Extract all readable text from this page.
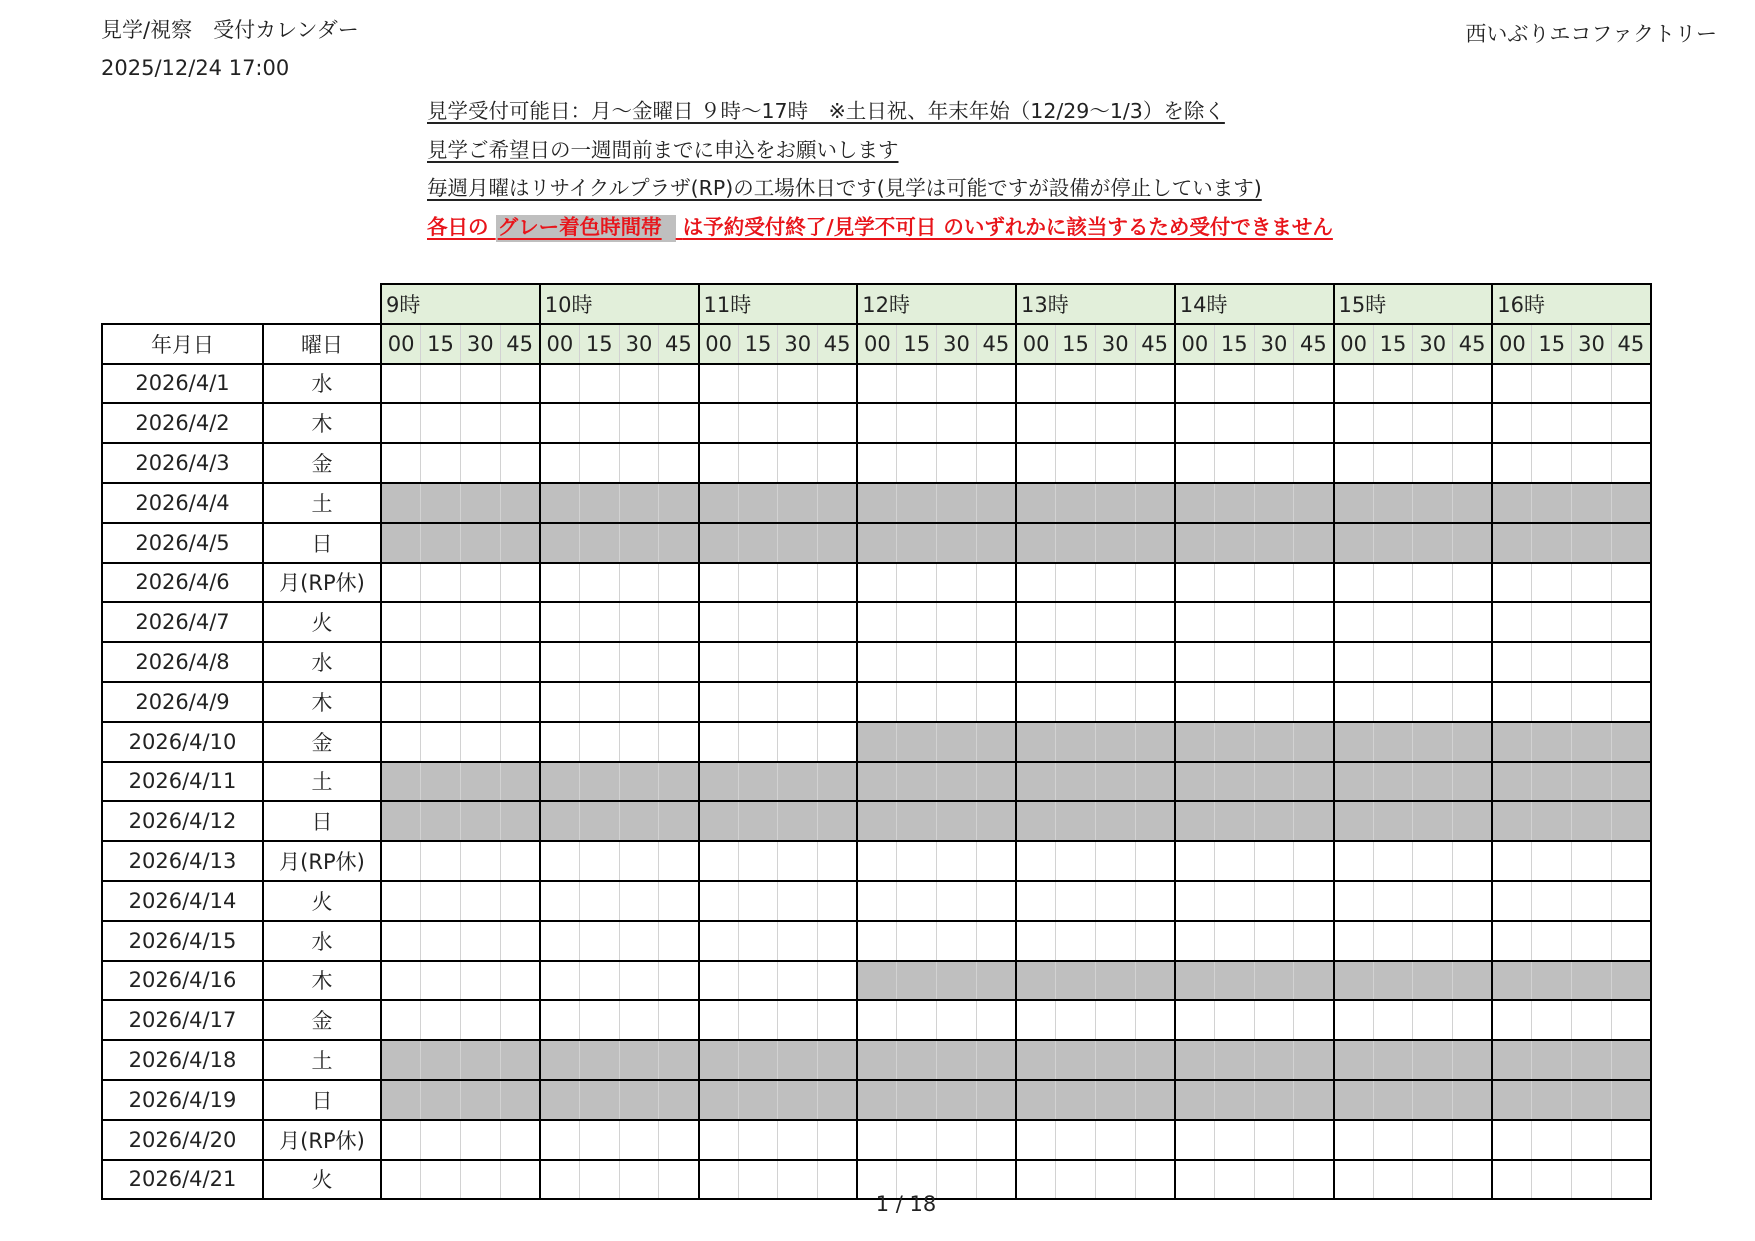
見学/視察　受付カレンダー
2025/12/24 17:00
西いぶりエコファクトリー
見学受付可能日：月～金曜日 ９時～17時　※土日祝、年末年始（12/29～1/3）を除く
見学ご希望日の一週間前までに申込をお願いします
毎週月曜はリサイクルプラザ(RP)の工場休日です(見学は可能ですが設備が停止しています)
各日の グレー着色時間帯 は予約受付終了/見学不可日 のいずれかに該当するため受付できません
		9時				10時				11時				12時				13時				14時				15時				16時			
年月日	曜日	00	15	30	45	00	15	30	45	00	15	30	45	00	15	30	45	00	15	30	45	00	15	30	45	00	15	30	45	00	15	30	45
2026/4/1	水																																
2026/4/2	木																																
2026/4/3	金																																
2026/4/4	土																																
2026/4/5	日																																
2026/4/6	月(RP休)																																
2026/4/7	火																																
2026/4/8	水																																
2026/4/9	木																																
2026/4/10	金																																
2026/4/11	土																																
2026/4/12	日																																
2026/4/13	月(RP休)																																
2026/4/14	火																																
2026/4/15	水																																
2026/4/16	木																																
2026/4/17	金																																
2026/4/18	土																																
2026/4/19	日																																
2026/4/20	月(RP休)																																
2026/4/21	火																																
1 / 18
